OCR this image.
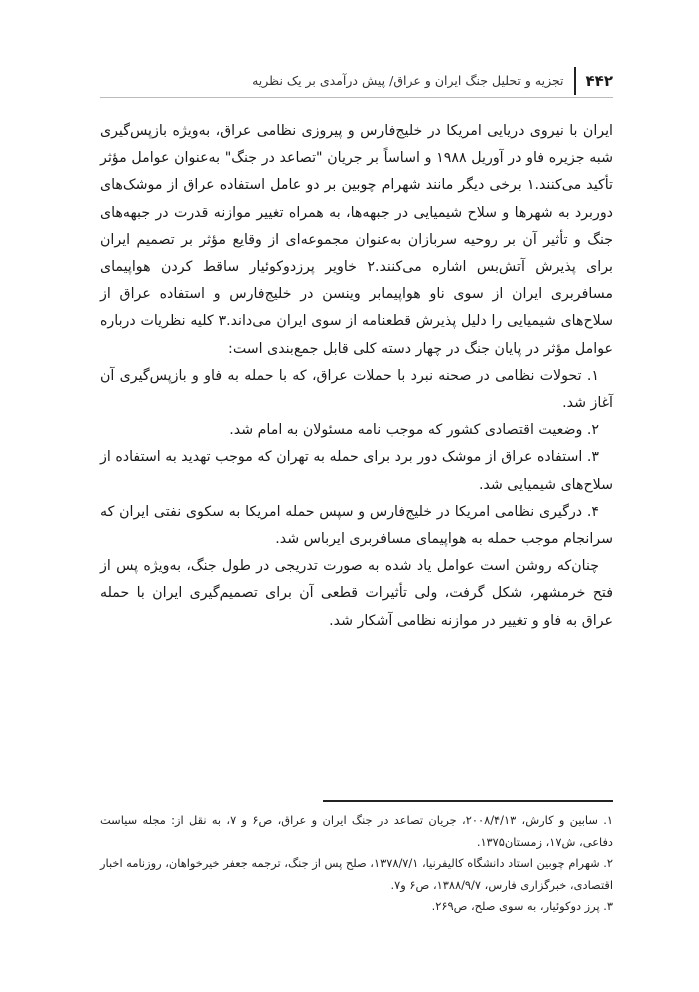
۴۴۲
تجزیه و تحلیل جنگ ایران و عراق/ پیش درآمدی بر یک نظریه

ایران با نیروی دریایی امریکا در خلیج‌فارس و پیروزی نظامی عراق، به‌ویژه بازپس‌گیری شبه جزیره فاو در آوریل ۱۹۸۸ و اساساً بر جریان "تصاعد در جنگ" به‌عنوان عوامل مؤثر تأکید می‌کنند.۱ برخی دیگر مانند شهرام چوبین بر دو عامل استفاده عراق از موشک‌های دوربرد به شهرها و سلاح شیمیایی در جبهه‌ها، به همراه تغییر موازنه قدرت در جبهه‌های جنگ و تأثیر آن بر روحیه سربازان به‌عنوان مجموعه‌ای از وقایع مؤثر بر تصمیم ایران برای پذیرش آتش‌بس اشاره می‌کنند.۲ خاویر پرزدوکوئیار ساقط کردن هواپیمای مسافربری ایران از سوی ناو هواپیمابر وینسن در خلیج‌فارس و استفاده عراق از سلاح‌های شیمیایی را دلیل پذیرش قطعنامه از سوی ایران می‌داند.۳ کلیه نظریات درباره عوامل مؤثر در پایان جنگ در چهار دسته کلی قابل جمع‌بندی است:

۱. تحولات نظامی در صحنه نبرد با حملات عراق، که با حمله به فاو و بازپس‌گیری آن آغاز شد.

۲. وضعیت اقتصادی کشور که موجب نامه مسئولان به امام شد.

۳. استفاده عراق از موشک دور برد برای حمله به تهران که موجب تهدید به استفاده از سلاح‌های شیمیایی شد.

۴. درگیری نظامی امریکا در خلیج‌فارس و سپس حمله امریکا به سکوی نفتی ایران که سرانجام موجب حمله به هواپیمای مسافربری ایرباس شد.

چنان‌که روشن است عوامل یاد شده به صورت تدریجی در طول جنگ، به‌ویژه پس از فتح خرمشهر، شکل گرفت، ولی تأثیرات قطعی آن برای تصمیم‌گیری ایران با حمله عراق به فاو و تغییر در موازنه نظامی آشکار شد.

۱. سابین و کارش، ۲۰۰۸/۴/۱۳، جریان تصاعد در جنگ ایران و عراق، ص۶ و ۷، به نقل از: مجله سیاست دفاعی، ش۱۷، زمستان۱۳۷۵.

۲. شهرام چوبین استاد دانشگاه کالیفرنیا، ۱۳۷۸/۷/۱، صلح پس از جنگ، ترجمه جعفر خیرخواهان، روزنامه اخبار اقتصادی، خبرگزاری فارس، ۱۳۸۸/۹/۷، ص۶ و۷.

۳. پرز دوکوئیار، به سوی صلح، ص۲۶۹.
